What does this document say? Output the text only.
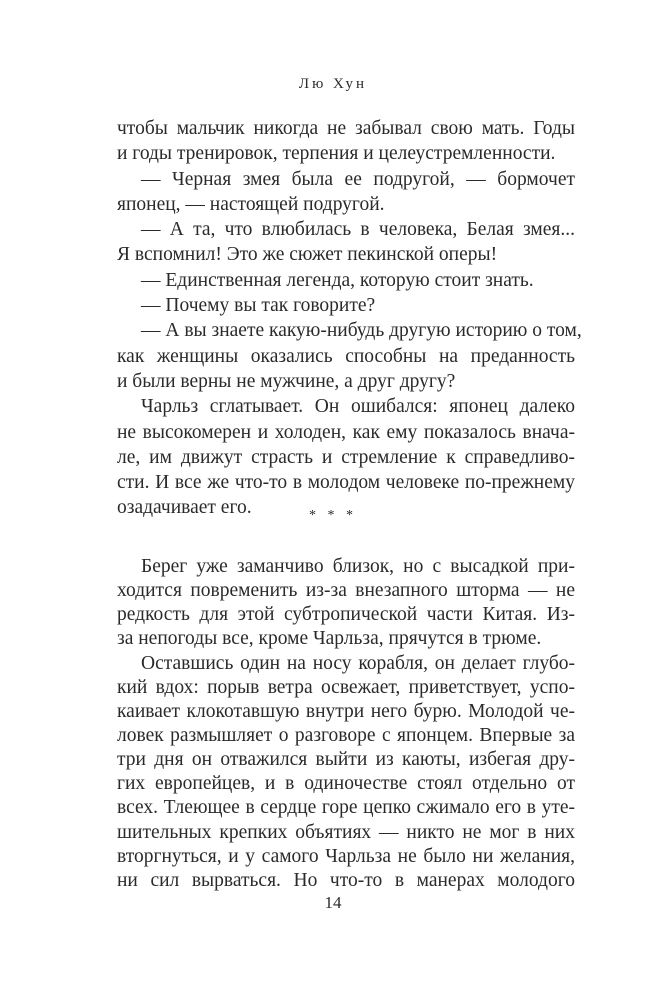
Лю Хун
чтобы мальчик никогда не забывал свою мать. Годы
и годы тренировок, терпения и целеустремленности.
— Черная змея была ее подругой, — бормочет
японец, — настоящей подругой.
— А та, что влюбилась в человека, Белая змея...
Я вспомнил! Это же сюжет пекинской оперы!
— Единственная легенда, которую стоит знать.
— Почему вы так говорите?
— А вы знаете какую-нибудь другую историю о том,
как женщины оказались способны на преданность
и были верны не мужчине, а друг другу?
Чарльз сглатывает. Он ошибался: японец далеко
не высокомерен и холоден, как ему показалось внача-
ле, им движут страсть и стремление к справедливо-
сти. И все же что-то в молодом человеке по-прежнему
озадачивает его.	* * *
Берег уже заманчиво близок, но с высадкой при-
ходится повременить из-за внезапного шторма — не
редкость для этой субтропической части Китая. Из-
за непогоды все, кроме Чарльза, прячутся в трюме.
Оставшись один на носу корабля, он делает глубо-
кий вдох: порыв ветра освежает, приветствует, успо-
каивает клокотавшую внутри него бурю. Молодой че-
ловек размышляет о разговоре с японцем. Впервые за
три дня он отважился выйти из каюты, избегая дру-
гих европейцев, и в одиночестве стоял отдельно от
всех. Тлеющее в сердце горе цепко сжимало его в уте-
шительных крепких объятиях — никто не мог в них
вторгнуться, и у самого Чарльза не было ни желания,
ни сил вырваться. Но что-то в манерах молодого
14
